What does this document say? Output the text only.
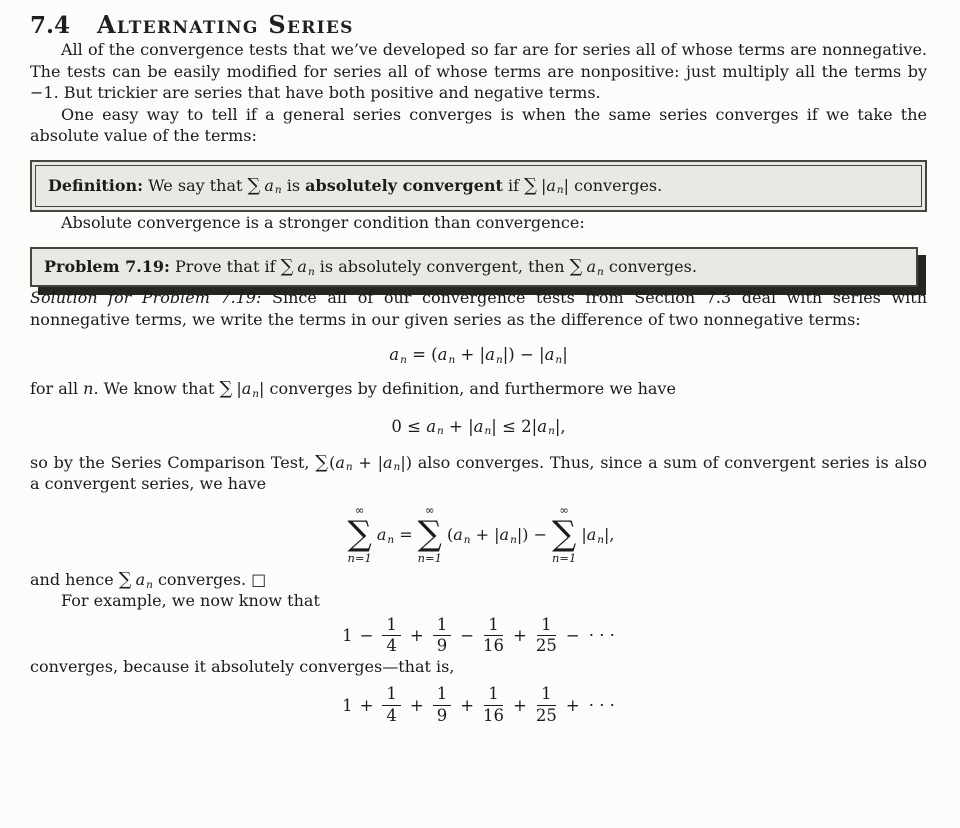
7.4 Alternating Series

All of the convergence tests that we’ve developed so far are for series all of whose terms are nonnegative. The tests can be easily modified for series all of whose terms are nonpositive: just multiply all the terms by −1. But trickier are series that have both positive and negative terms.

One easy way to tell if a general series converges is when the same series converges if we take the absolute value of the terms:

Definition: We say that ∑ $a_n$ is absolutely convergent if ∑ $|a_n|$ converges.

Absolute convergence is a stronger condition than convergence:

Problem 7.19: Prove that if ∑ $a_n$ is absolutely convergent, then ∑ $a_n$ converges.

Solution for Problem 7.19: Since all of our convergence tests from Section 7.3 deal with series with nonnegative terms, we write the terms in our given series as the difference of two nonnegative terms:

$a_n = (a_n + |a_n|) - |a_n|$

for all n. We know that ∑ $|a_n|$ converges by definition, and furthermore we have

$0 \le a_n + |a_n| \le 2|a_n|$,

so by the Series Comparison Test, $\sum(a_n + |a_n|)$ also converges. Thus, since a sum of convergent series is also a convergent series, we have

∞
∑
n=1
$a_n$ =
∞
∑
n=1
$(a_n + |a_n|)$ −
∞
∑
n=1
$|a_n|$,

and hence ∑ $a_n$ converges. □

For example, we now know that

$1 - \frac{1}{4} + \frac{1}{9} - \frac{1}{16} + \frac{1}{25}$ − · · ·

converges, because it absolutely converges—that is,

$1 + \frac{1}{4} + \frac{1}{9} + \frac{1}{16} + \frac{1}{25}$ + · · ·
